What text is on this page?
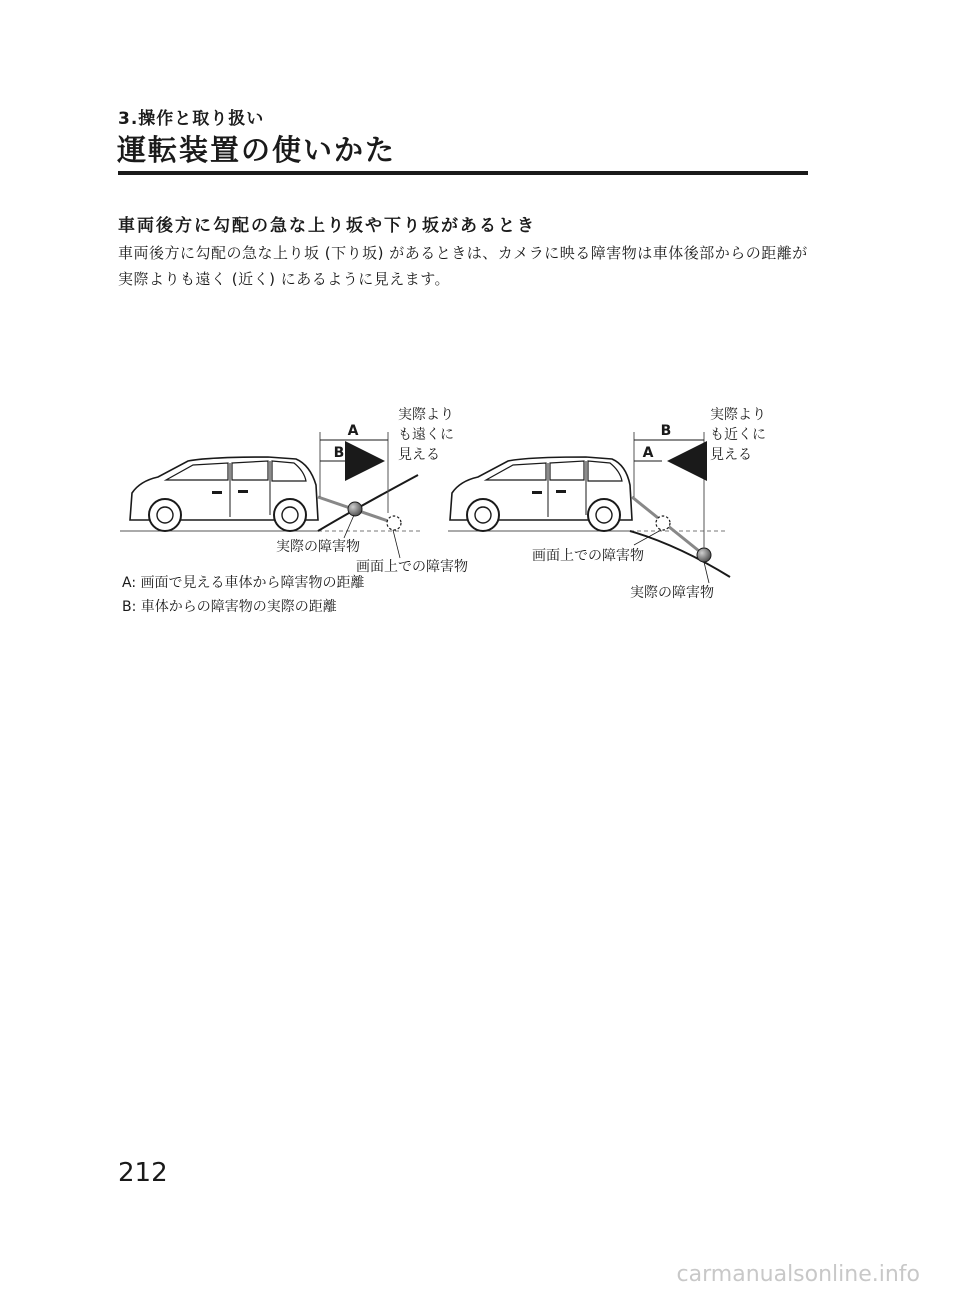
3.操作と取り扱い
運転装置の使いかた
車両後方に勾配の急な上り坂や下り坂があるとき
車両後方に勾配の急な上り坂 (下り坂) があるときは、カメラに映る障害物は車体後部からの距離が実際よりも遠く (近く) にあるように見えます。
A
B
実際より
も遠くに
見える
実際の障害物
画面上での障害物
B
A
実際より
も近くに
見える
画面上での障害物
実際の障害物
A: 画面で見える車体から障害物の距離
B: 車体からの障害物の実際の距離
212
carmanualsonline.info
